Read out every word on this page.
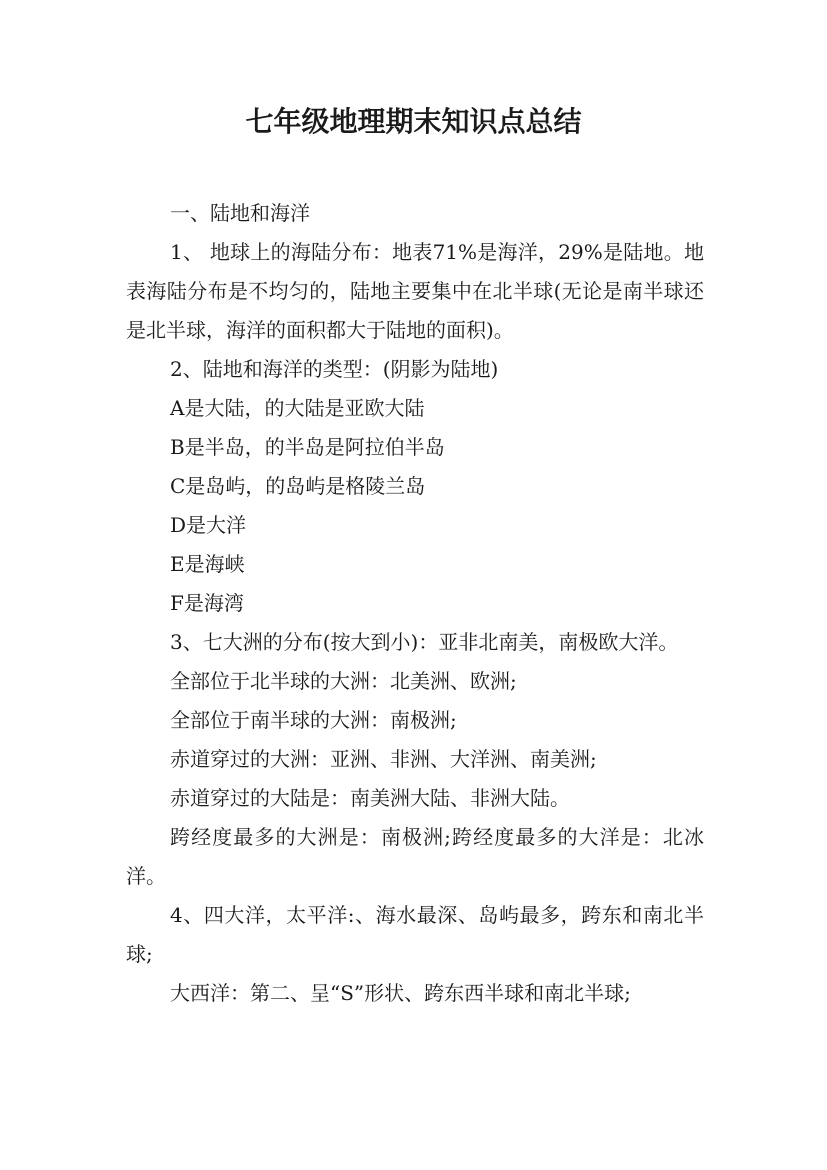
七年级地理期末知识点总结

一、陆地和海洋

1、 地球上的海陆分布：地表71%是海洋，29%是陆地。地表海陆分布是不均匀的，陆地主要集中在北半球(无论是南半球还是北半球，海洋的面积都大于陆地的面积)。

2、陆地和海洋的类型：(阴影为陆地)

A是大陆，的大陆是亚欧大陆

B是半岛，的半岛是阿拉伯半岛

C是岛屿，的岛屿是格陵兰岛

D是大洋

E是海峡

F是海湾

3、七大洲的分布(按大到小)：亚非北南美，南极欧大洋。

全部位于北半球的大洲：北美洲、欧洲;

全部位于南半球的大洲：南极洲;

赤道穿过的大洲：亚洲、非洲、大洋洲、南美洲;

赤道穿过的大陆是：南美洲大陆、非洲大陆。

跨经度最多的大洲是：南极洲;跨经度最多的大洋是：北冰洋。

4、四大洋，太平洋:、海水最深、岛屿最多，跨东和南北半球;

大西洋：第二、呈“S”形状、跨东西半球和南北半球;
